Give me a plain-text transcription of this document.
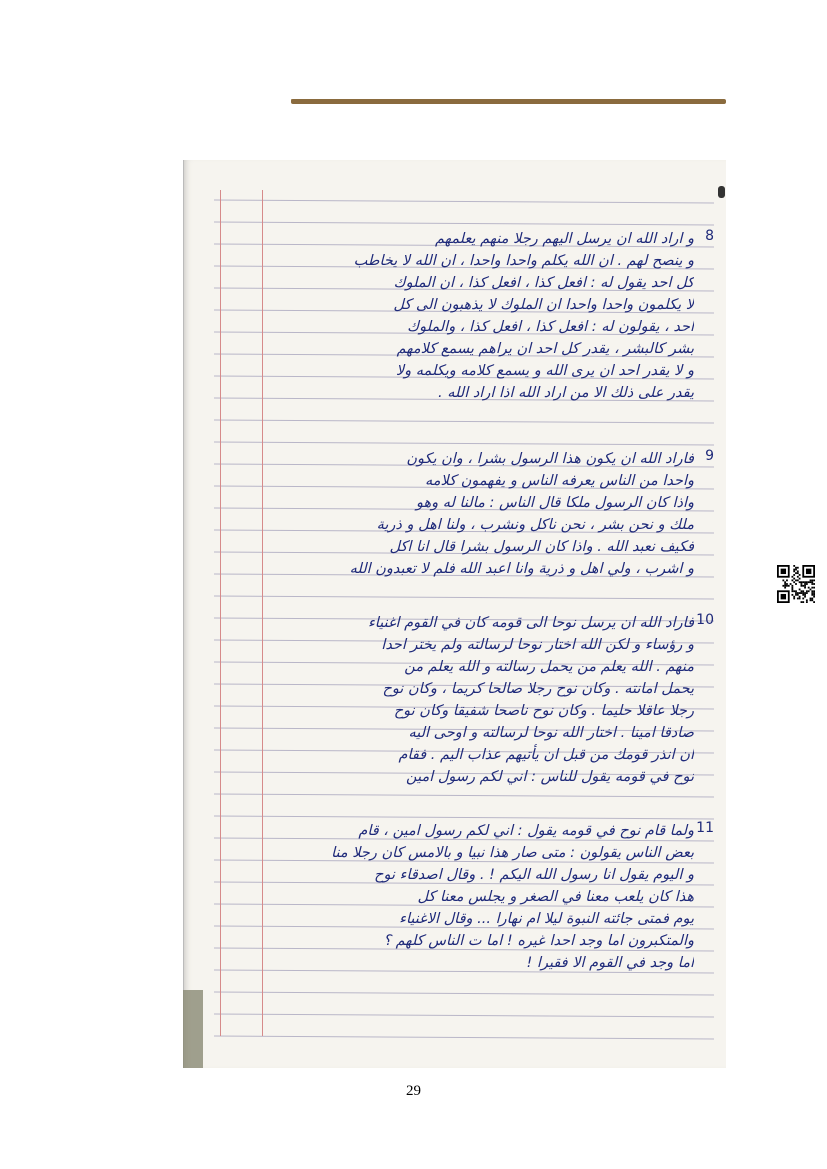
8
و اراد الله ان يرسل اليهم رجلا منهم يعلمهم
و ينصح لهم . ان الله يكلم واحدا واحدا ، ان الله لا يخاطب
كل احد يقول له : افعل كذا ، افعل كذا ، ان الملوك
لا يكلمون واحدا واحدا ان الملوك لا يذهبون الى كل
احد ، يقولون له : افعل كذا ، افعل كذا ، والملوك
بشر كالبشر ، يقدر كل احد ان يراهم يسمع كلامهم
و لا يقدر احد ان يرى الله و يسمع كلامه ويكلمه ولا
يقدر على ذلك الا من اراد الله اذا اراد الله .
9
فاراد الله ان يكون هذا الرسول بشرا ، وان يكون
واحدا من الناس يعرفه الناس و يفهمون كلامه
واذا كان الرسول ملكا قال الناس : مالنا له وهو
ملك و نحن بشر ، نحن ناكل ونشرب ، ولنا اهل و ذرية
فكيف نعبد الله . واذا كان الرسول بشرا قال انا اكل
و اشرب ، ولي اهل و ذرية وانا اعبد الله فلم لا تعبدون الله
10
فاراد الله ان يرسل نوحا الى قومه كان في القوم اغنياء
و رؤساء و لكن الله اختار نوحا لرسالته ولم يختر احدا
منهم . الله يعلم من يحمل رسالته و الله يعلم من
يحمل امانته . وكان نوح رجلا صالحا كريما ، وكان نوح
رجلا عاقلا حليما . وكان نوح ناصحا شفيقا وكان نوح
صادقا امينا . اختار الله نوحا لرسالته و اوحى اليه
ان انذر قومك من قبل ان يأتيهم عذاب اليم . فقام
نوح في قومه يقول للناس : اني لكم رسول امين
11
ولما قام نوح في قومه يقول : اني لكم رسول امين ، قام
بعض الناس يقولون : متى صار هذا نبيا و بالامس كان رجلا منا
و اليوم يقول انا رسول الله اليكم ! . وقال اصدقاء نوح
هذا كان يلعب معنا في الصغر و يجلس معنا كل
يوم فمتى جائته النبوة ليلا ام نهارا ... وقال الاغنياء
والمتكبرون اما وجد احدا غيره ! اما ت الناس كلهم ؟
اما وجد في القوم الا فقيرا !
29
